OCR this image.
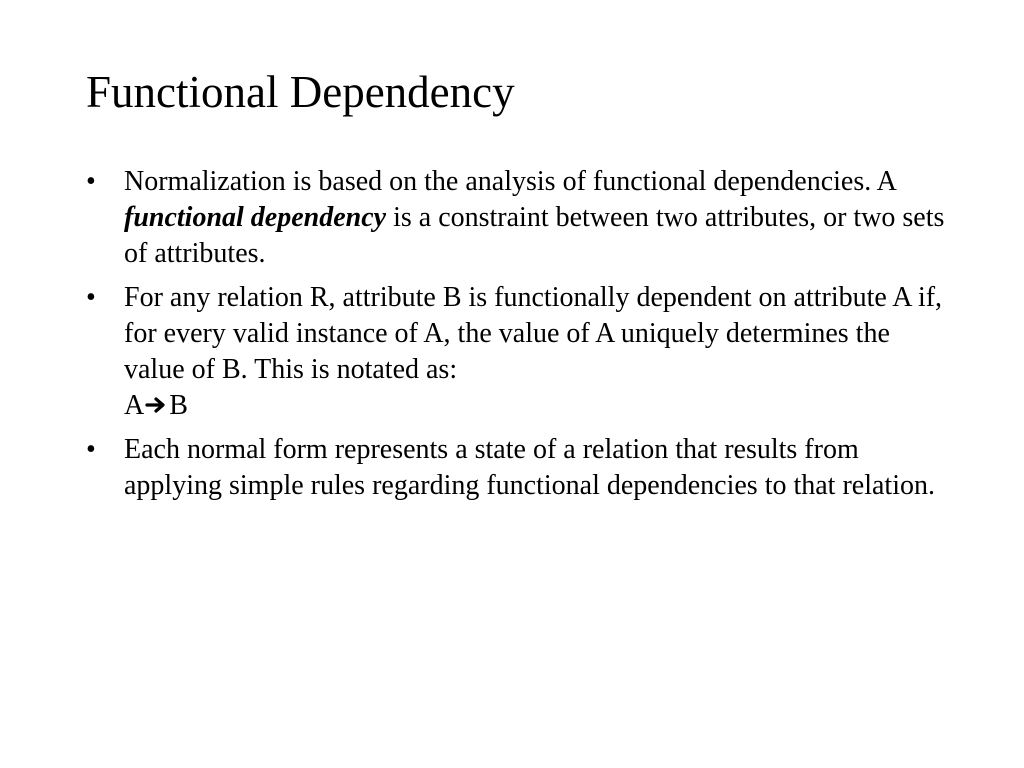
Functional Dependency
•	Normalization is based on the analysis of functional dependencies. A functional dependency is a constraint between two attributes, or two sets of attributes.
•	For any relation R, attribute B is functionally dependent on attribute A if, for every valid instance of A, the value of A uniquely determines the value of B. This is notated as:
A B
•	Each normal form represents a state of a relation that results from applying simple rules regarding functional dependencies to that relation.
